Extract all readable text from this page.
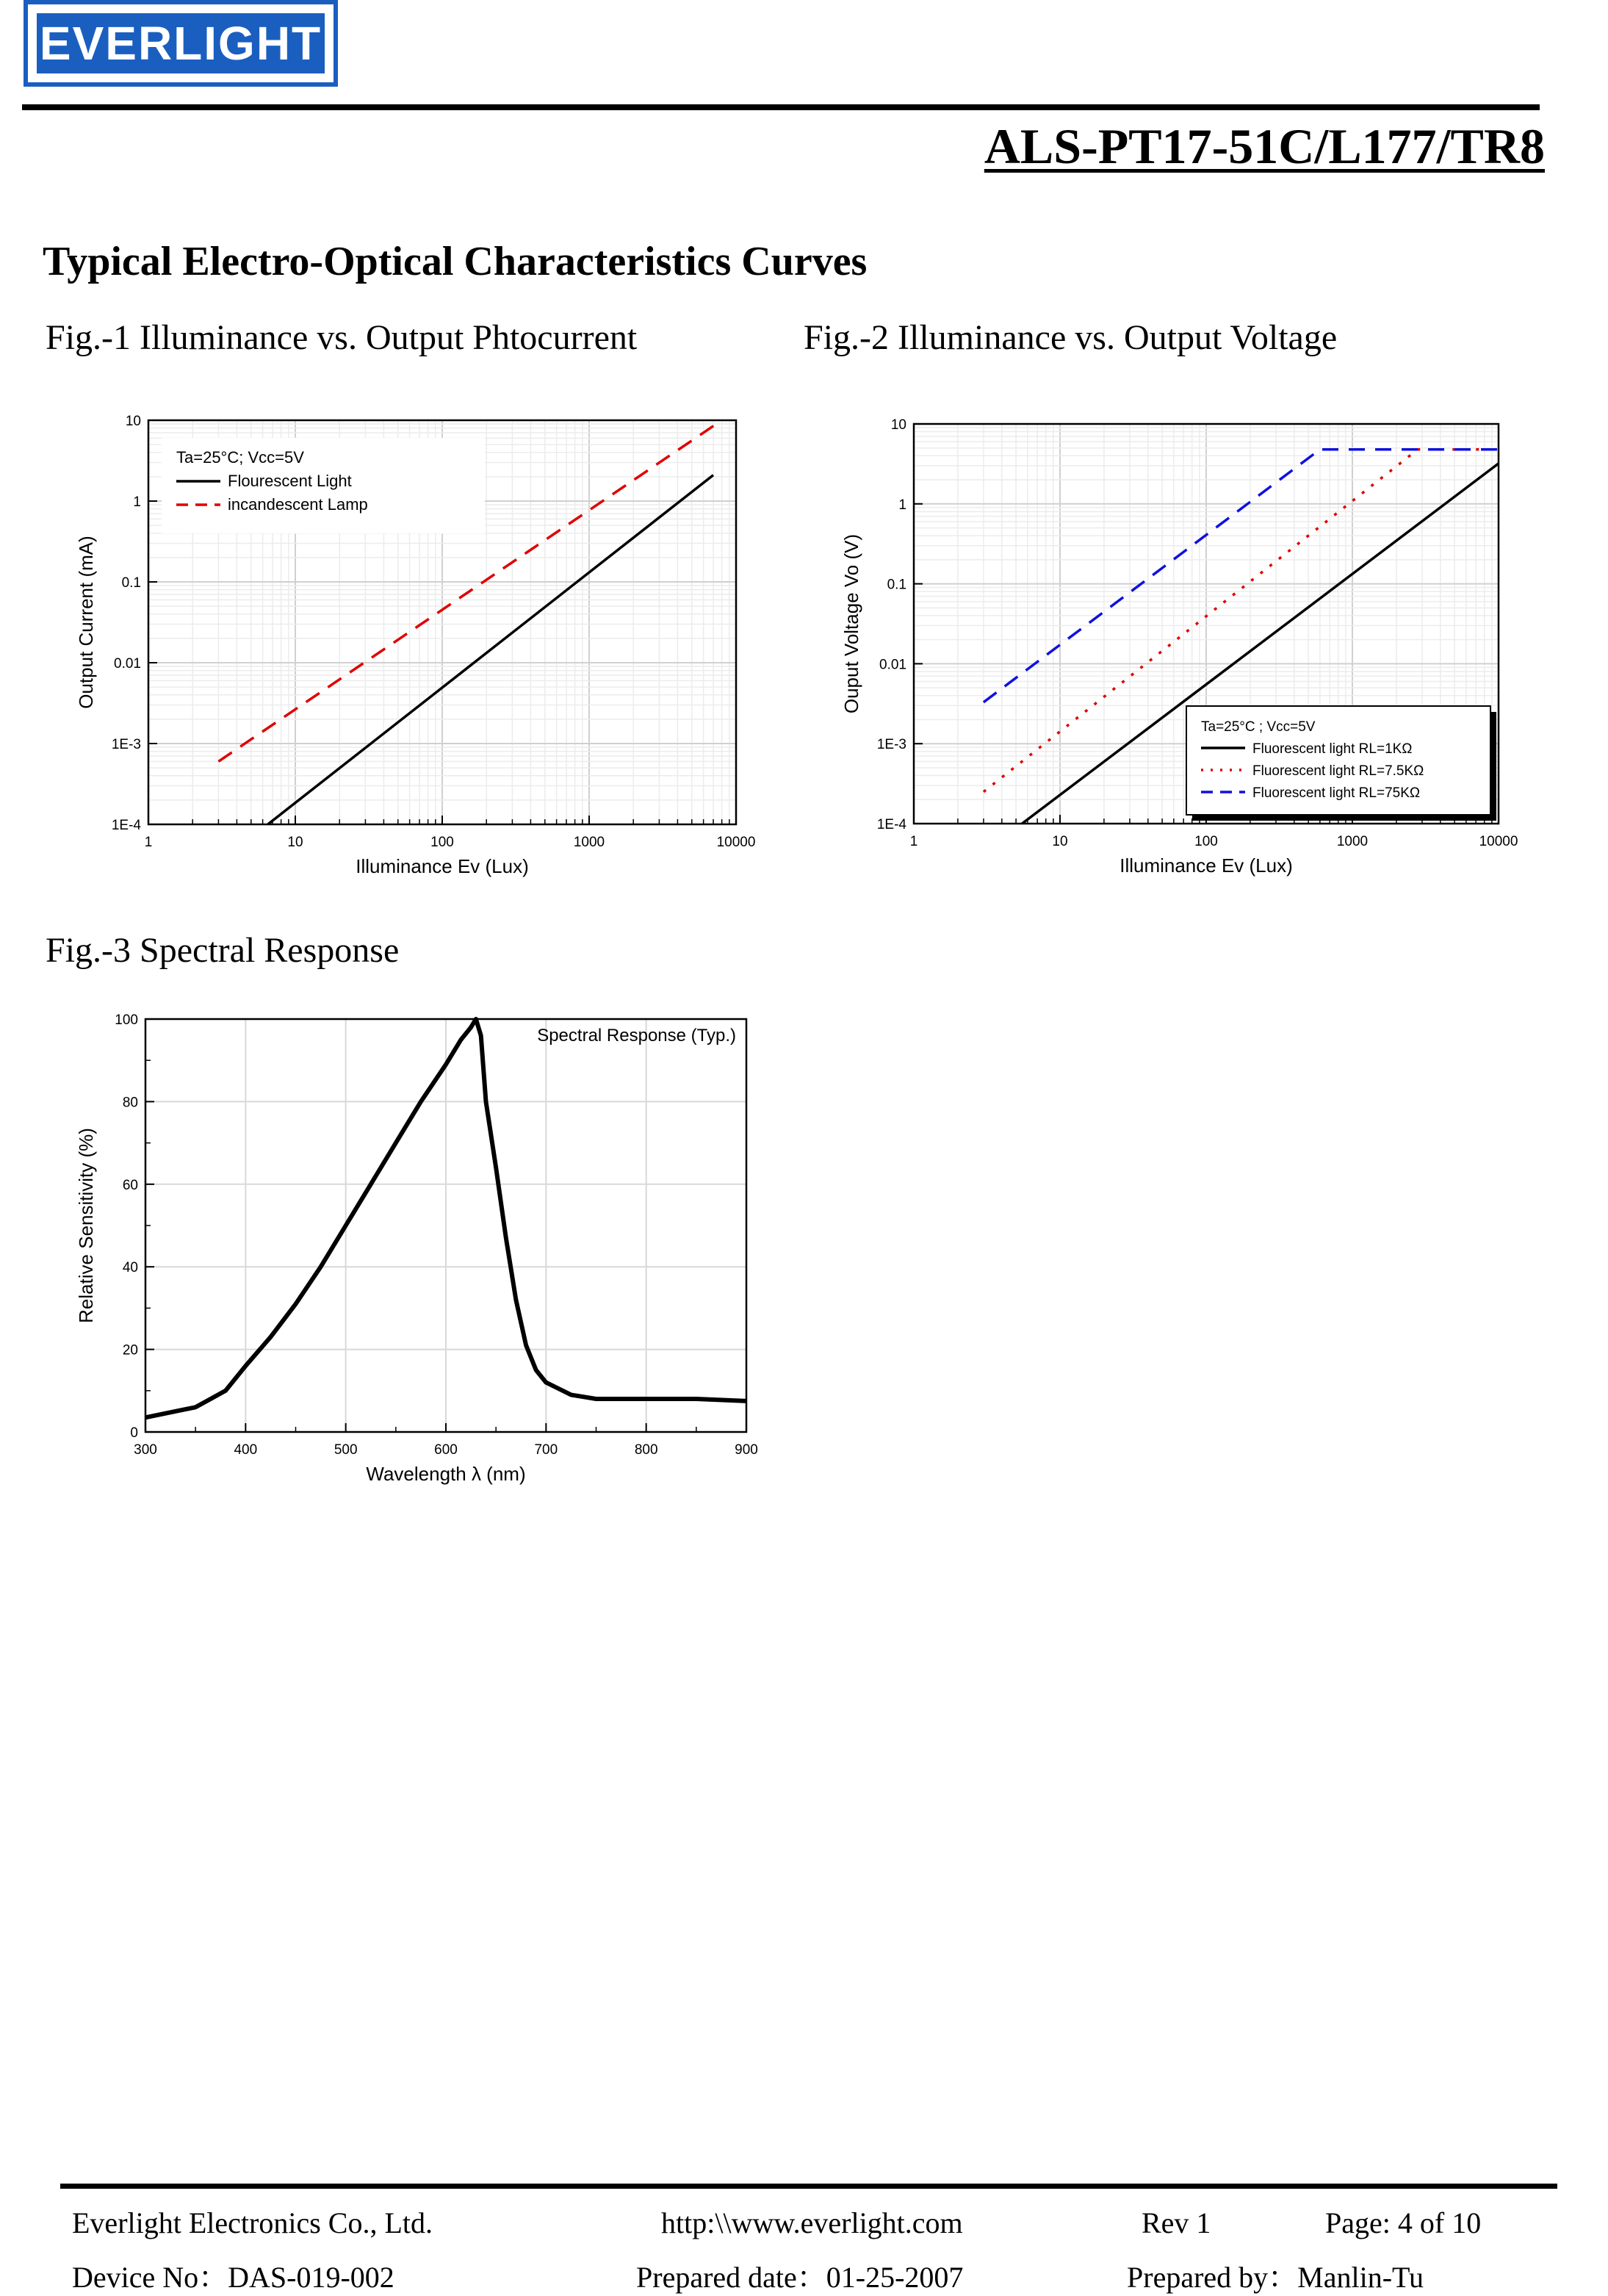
EVERLIGHT
ALS-PT17-51C/L177/TR8
Typical Electro-Optical Characteristics Curves
Fig.-1 Illuminance vs. Output Phtocurrent	Fig.-2 Illuminance vs. Output Voltage
Fig.-3 Spectral Response
1	10	100	1000	10000
1E-4
1E-3
0.01
0.1
1
10
Illuminance Ev (Lux)
Output Current (mA)
Ta=25°C; Vcc=5V
Flourescent Light
incandescent Lamp
1	10	100	1000	10000
1E-4
1E-3
0.01
0.1
1
10
Illuminance Ev (Lux)
Ouput Voltage Vo (V)
Ta=25°C ; Vcc=5V
Fluorescent light RL=1KΩ
Fluorescent light RL=7.5KΩ
Fluorescent light RL=75KΩ
300	400	500	600	700	800	900
0
20
40
60
80
100
Wavelength λ (nm)
Relative Sensitivity (%)
Spectral Response (Typ.)
Everlight Electronics Co., Ltd.	http:\\www.everlight.com	Rev 1	Page: 4 of 10
Device No：DAS-019-002	Prepared date：01-25-2007	Prepared by：Manlin-Tu
